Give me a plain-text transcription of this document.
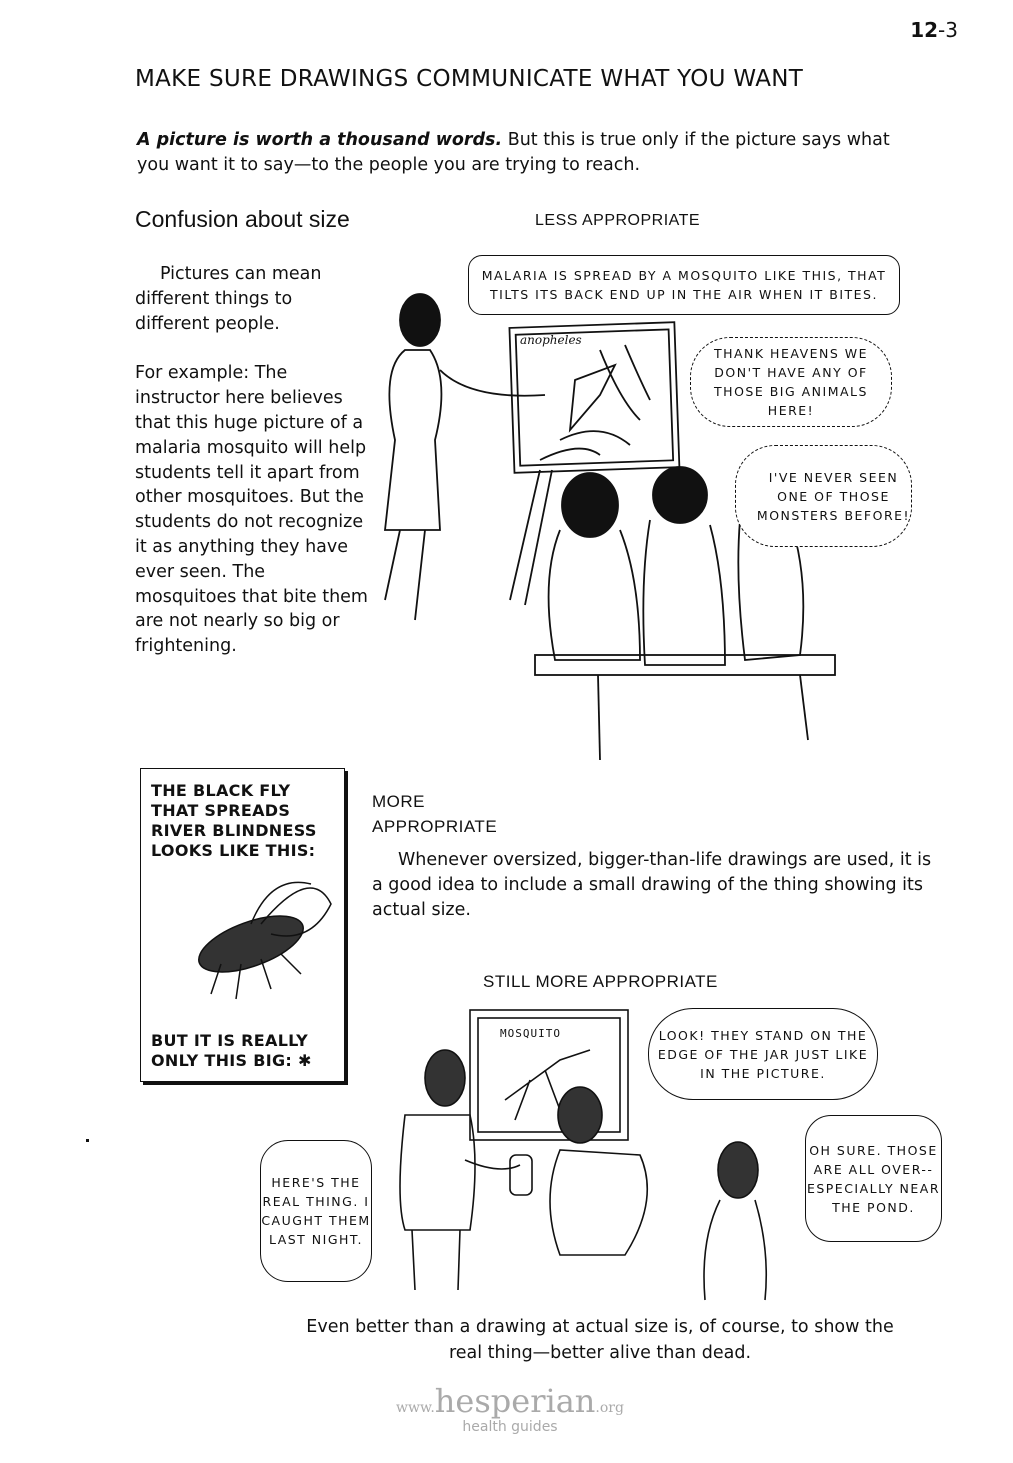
12-3
MAKE SURE DRAWINGS COMMUNICATE WHAT YOU WANT
A picture is worth a thousand words. But this is true only if the picture says what you want it to say—to the people you are trying to reach.
Confusion about size	LESS APPROPRIATE
Pictures can mean different things to different people.
For example: The instructor here believes that this huge picture of a malaria mosquito will help students tell it apart from other mosquitoes. But the students do not recognize it as anything they have ever seen. The mosquitoes that bite them are not nearly so big or frightening.
MALARIA IS SPREAD BY A MOSQUITO LIKE THIS, THAT TILTS ITS BACK END UP IN THE AIR WHEN IT BITES.
anopheles
THANK HEAVENS WE DON'T HAVE ANY OF THOSE BIG ANIMALS HERE!
I'VE NEVER SEEN ONE OF THOSE MONSTERS BEFORE!
THE BLACK FLY THAT SPREADS RIVER BLINDNESS LOOKS LIKE THIS:
BUT IT IS REALLY ONLY THIS BIG: ✱
MORE
APPROPRIATE
Whenever oversized, bigger-than-life drawings are used, it is a good idea to include a small drawing of the thing showing its actual size.
STILL MORE APPROPRIATE
MOSQUITO
HERE'S THE REAL THING. I CAUGHT THEM LAST NIGHT.
LOOK! THEY STAND ON THE EDGE OF THE JAR JUST LIKE IN THE PICTURE.
OH SURE. THOSE ARE ALL OVER-- ESPECIALLY NEAR THE POND.
Even better than a drawing at actual size is, of course, to show the real thing—better alive than dead.
www.hesperian.org
health guides
